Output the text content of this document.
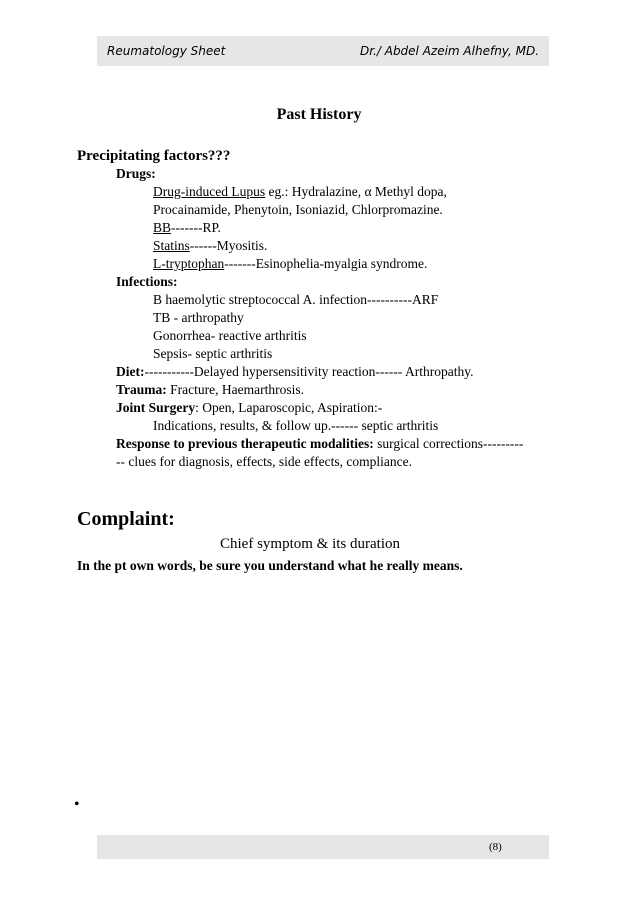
Reumatology Sheet	Dr./ Abdel Azeim Alhefny, MD.
Past History
Precipitating factors???
Drugs:
Drug-induced Lupus eg.: Hydralazine, α Methyl dopa,
Procainamide, Phenytoin, Isoniazid, Chlorpromazine.
BB-------RP.
Statins------Myositis.
L-tryptophan-------Esinophelia-myalgia syndrome.
Infections:
B haemolytic streptococcal A. infection----------ARF
TB - arthropathy
Gonorrhea- reactive arthritis
Sepsis- septic arthritis
Diet:-----------Delayed hypersensitivity reaction------ Arthropathy.
Trauma: Fracture, Haemarthrosis.
Joint Surgery: Open, Laparoscopic, Aspiration:-
Indications, results, & follow up.------ septic arthritis
Response to previous therapeutic modalities: surgical corrections---------
-- clues for diagnosis, effects, side effects, compliance.
Complaint:
Chief symptom & its duration
In the pt own words, be sure you understand what he really means.
•
(8)
